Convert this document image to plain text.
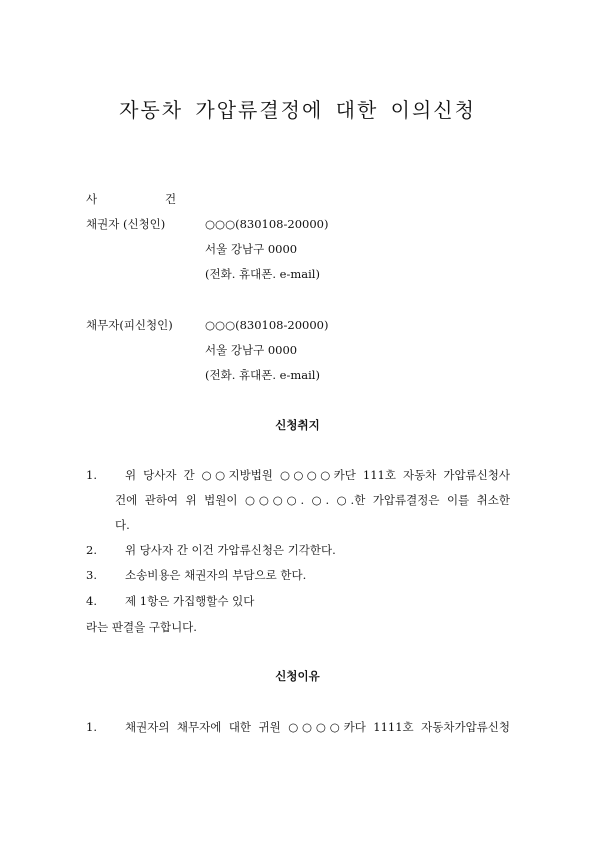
자동차 가압류결정에 대한 이의신청
사	건
채권자 (신청인)	○○○(830108-20000)
서울 강남구 0000
(전화. 휴대폰. e-mail)
채무자(피신청인)	○○○(830108-20000)
서울 강남구 0000
(전화. 휴대폰. e-mail)
신청취지
1. 위 당사자 간 ○○지방법원 ○○○○카단 111호 자동차 가압류신청사
건에 관하여 위 법원이 ○○○○. ○. ○.한 가압류결정은 이를 취소한
다.
2. 위 당사자 간 이건 가압류신청은 기각한다.
3. 소송비용은 채권자의 부담으로 한다.
4. 제 1항은 가집행할수 있다
라는 판결을 구합니다.
신청이유
1. 채권자의 채무자에 대한 귀원 ○○○○카다 1111호 자동차가압류신청
